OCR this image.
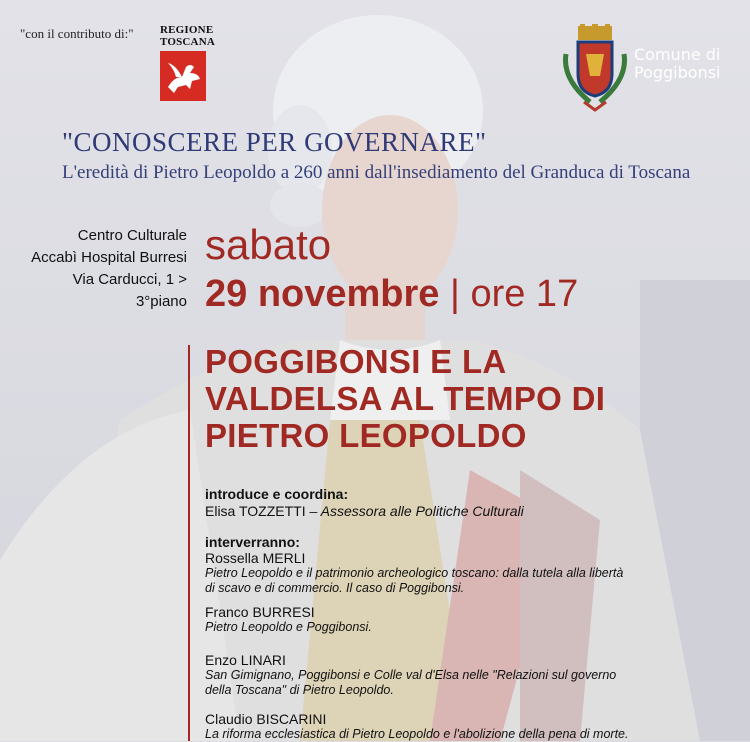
"con il contributo di:" REGIONE
TOSCANA
Comune di
Poggibonsi
"CONOSCERE PER GOVERNARE"
L'eredità di Pietro Leopoldo a 260 anni dall'insediamento del Granduca di Toscana
Centro Culturale
Accabì Hospital Burresi
Via Carducci, 1 >
3°piano
sabato
29 novembre | ore 17
POGGIBONSI E LA
VALDELSA AL TEMPO DI
PIETRO LEOPOLDO
introduce e coordina:
Elisa TOZZETTI – Assessora alle Politiche Culturali
interverranno:
Rossella MERLI
Pietro Leopoldo e il patrimonio archeologico toscano: dalla tutela alla libertà
di scavo e di commercio. Il caso di Poggibonsi.
Franco BURRESI
Pietro Leopoldo e Poggibonsi.
Enzo LINARI
San Gimignano, Poggibonsi e Colle val d'Elsa nelle "Relazioni sul governo
della Toscana" di Pietro Leopoldo.
Claudio BISCARINI
La riforma ecclesiastica di Pietro Leopoldo e l'abolizione della pena di morte.
